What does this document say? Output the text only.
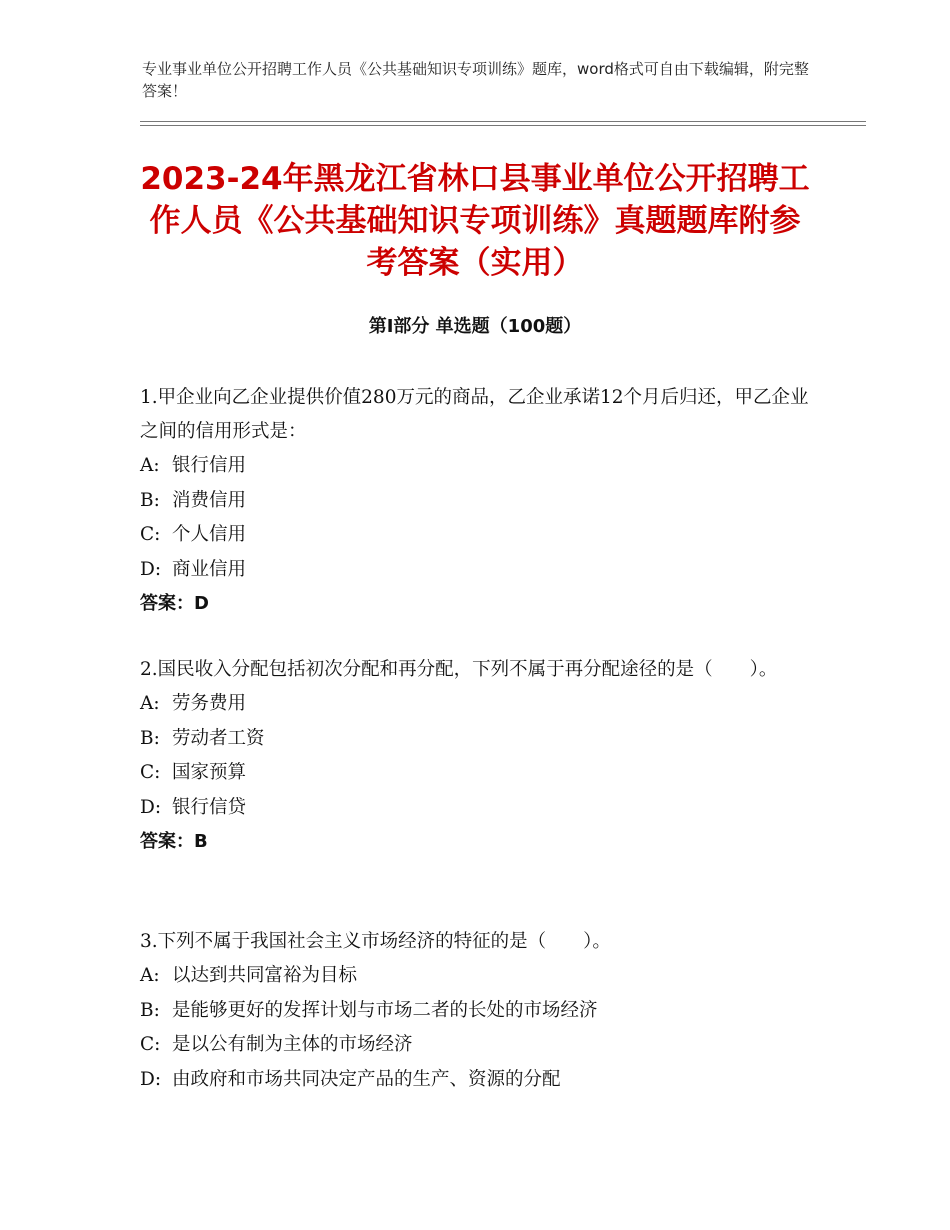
专业事业单位公开招聘工作人员《公共基础知识专项训练》题库，word格式可自由下载编辑，附完整答案！
2023-24年黑龙江省林口县事业单位公开招聘工作人员《公共基础知识专项训练》真题题库附参考答案（实用）
第Ⅰ部分 单选题（100题）

1.甲企业向乙企业提供价值280万元的商品，乙企业承诺12个月后归还，甲乙企业之间的信用形式是：

A: 银行信用

B: 消费信用

C: 个人信用

D: 商业信用

答案：D

2.国民收入分配包括初次分配和再分配，下列不属于再分配途径的是（　　）。

A: 劳务费用

B: 劳动者工资

C: 国家预算

D: 银行信贷

答案：B

3.下列不属于我国社会主义市场经济的特征的是（　　）。

A: 以达到共同富裕为目标

B: 是能够更好的发挥计划与市场二者的长处的市场经济

C: 是以公有制为主体的市场经济

D: 由政府和市场共同决定产品的生产、资源的分配
